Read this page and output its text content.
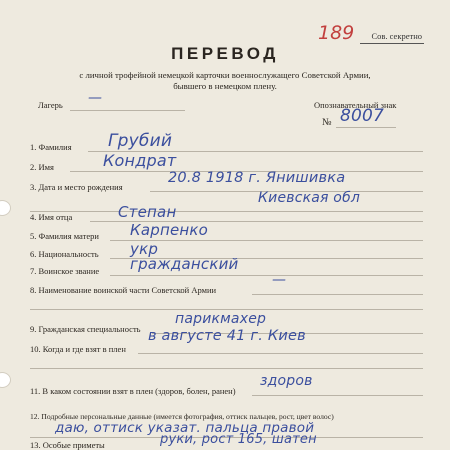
189 Сов. секретно
ПЕРЕВОД
с личной трофейной немецкой карточки военнослужащего Советской Армии,
бывшего в немецком плену.
Лагерь —	Опознавательный знак
№ 8007
1. Фамилия Грубий
2. Имя	Кондрат
3. Дата и место рождения
20.8 1918 г. Янишивка
Киевская обл
4. Имя отца	Степан
5. Фамилия матери Карпенко
6. Национальность укр
7. Воинское звание гражданский
8. Наименование воинской части Советской Армии
—
9. Гражданская специальность
парикмахер
10. Когда и где взят в плен
в августе 41 г. Киев
11. В каком состоянии взят в плен (здоров, болен, ранен)
здоров
12. Подробные персональные данные (имеется фотография, оттиск пальцев, рост, цвет волос)
даю, оттиск указат. пальца правой
13. Особые приметы	руки, рост 165, шатен
